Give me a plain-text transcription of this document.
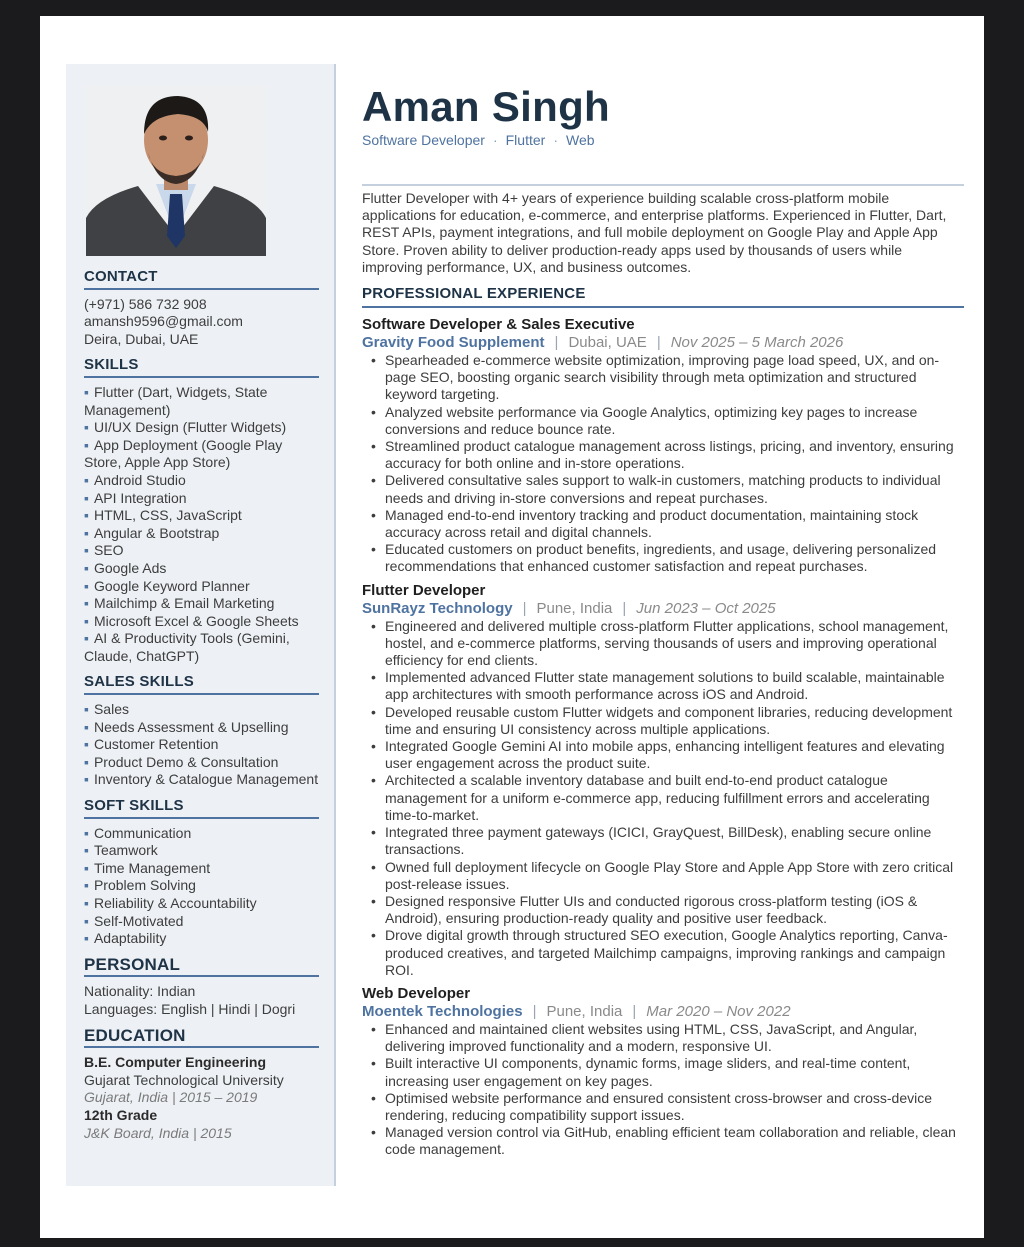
CONTACT
(+971) 586 732 908
amansh9596@gmail.com
Deira, Dubai, UAE
SKILLS
▪ Flutter (Dart, Widgets, State Management)
▪ UI/UX Design (Flutter Widgets)
▪ App Deployment (Google Play Store, Apple App Store)
▪ Android Studio
▪ API Integration
▪ HTML, CSS, JavaScript
▪ Angular & Bootstrap
▪ SEO
▪ Google Ads
▪ Google Keyword Planner
▪ Mailchimp & Email Marketing
▪ Microsoft Excel & Google Sheets
▪ AI & Productivity Tools (Gemini, Claude, ChatGPT)
SALES SKILLS
▪ Sales
▪ Needs Assessment & Upselling
▪ Customer Retention
▪ Product Demo & Consultation
▪ Inventory & Catalogue Management
SOFT SKILLS
▪ Communication
▪ Teamwork
▪ Time Management
▪ Problem Solving
▪ Reliability & Accountability
▪ Self-Motivated
▪ Adaptability
PERSONAL
Nationality: Indian
Languages: English | Hindi | Dogri
EDUCATION
B.E. Computer Engineering
Gujarat Technological University
Gujarat, India | 2015 – 2019
12th Grade
J&K Board, India | 2015
Aman Singh
Software Developer · Flutter · Web
Flutter Developer with 4+ years of experience building scalable cross-platform mobile applications for education, e-commerce, and enterprise platforms. Experienced in Flutter, Dart, REST APIs, payment integrations, and full mobile deployment on Google Play and Apple App Store. Proven ability to deliver production-ready apps used by thousands of users while improving performance, UX, and business outcomes.
PROFESSIONAL EXPERIENCE
Software Developer & Sales Executive
Gravity Food Supplement | Dubai, UAE | Nov 2025 – 5 March 2026
• Spearheaded e-commerce website optimization, improving page load speed, UX, and on-page SEO, boosting organic search visibility through meta optimization and structured keyword targeting.
• Analyzed website performance via Google Analytics, optimizing key pages to increase conversions and reduce bounce rate.
• Streamlined product catalogue management across listings, pricing, and inventory, ensuring accuracy for both online and in-store operations.
• Delivered consultative sales support to walk-in customers, matching products to individual needs and driving in-store conversions and repeat purchases.
• Managed end-to-end inventory tracking and product documentation, maintaining stock accuracy across retail and digital channels.
• Educated customers on product benefits, ingredients, and usage, delivering personalized recommendations that enhanced customer satisfaction and repeat purchases.
Flutter Developer
SunRayz Technology | Pune, India | Jun 2023 – Oct 2025
• Engineered and delivered multiple cross-platform Flutter applications, school management, hostel, and e-commerce platforms, serving thousands of users and improving operational efficiency for end clients.
• Implemented advanced Flutter state management solutions to build scalable, maintainable app architectures with smooth performance across iOS and Android.
• Developed reusable custom Flutter widgets and component libraries, reducing development time and ensuring UI consistency across multiple applications.
• Integrated Google Gemini AI into mobile apps, enhancing intelligent features and elevating user engagement across the product suite.
• Architected a scalable inventory database and built end-to-end product catalogue management for a uniform e-commerce app, reducing fulfillment errors and accelerating time-to-market.
• Integrated three payment gateways (ICICI, GrayQuest, BillDesk), enabling secure online transactions.
• Owned full deployment lifecycle on Google Play Store and Apple App Store with zero critical post-release issues.
• Designed responsive Flutter UIs and conducted rigorous cross-platform testing (iOS & Android), ensuring production-ready quality and positive user feedback.
• Drove digital growth through structured SEO execution, Google Analytics reporting, Canva-produced creatives, and targeted Mailchimp campaigns, improving rankings and campaign ROI.
Web Developer
Moentek Technologies | Pune, India | Mar 2020 – Nov 2022
• Enhanced and maintained client websites using HTML, CSS, JavaScript, and Angular, delivering improved functionality and a modern, responsive UI.
• Built interactive UI components, dynamic forms, image sliders, and real-time content, increasing user engagement on key pages.
• Optimised website performance and ensured consistent cross-browser and cross-device rendering, reducing compatibility support issues.
• Managed version control via GitHub, enabling efficient team collaboration and reliable, clean code management.
